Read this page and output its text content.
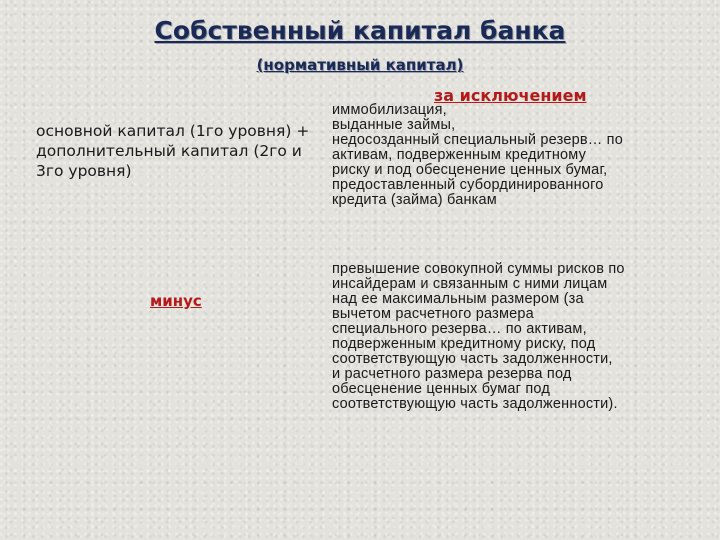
Собственный капитал банка
(нормативный капитал)
основной капитал (1го уровня) +
дополнительный капитал (2го и
3го уровня)
за исключением
иммобилизация,
выданные займы,
недосозданный специальный резерв… по
активам, подверженным кредитному
риску и под обесценение ценных бумаг,
предоставленный субординированного
кредита (займа) банкам
минус
превышение совокупной суммы рисков по
инсайдерам и связанным с ними лицам
над ее максимальным размером (за
вычетом расчетного размера
специального резерва… по активам,
подверженным кредитному риску, под
соответствующую часть задолженности,
и расчетного размера резерва под
обесценение ценных бумаг под
соответствующую часть задолженности).
